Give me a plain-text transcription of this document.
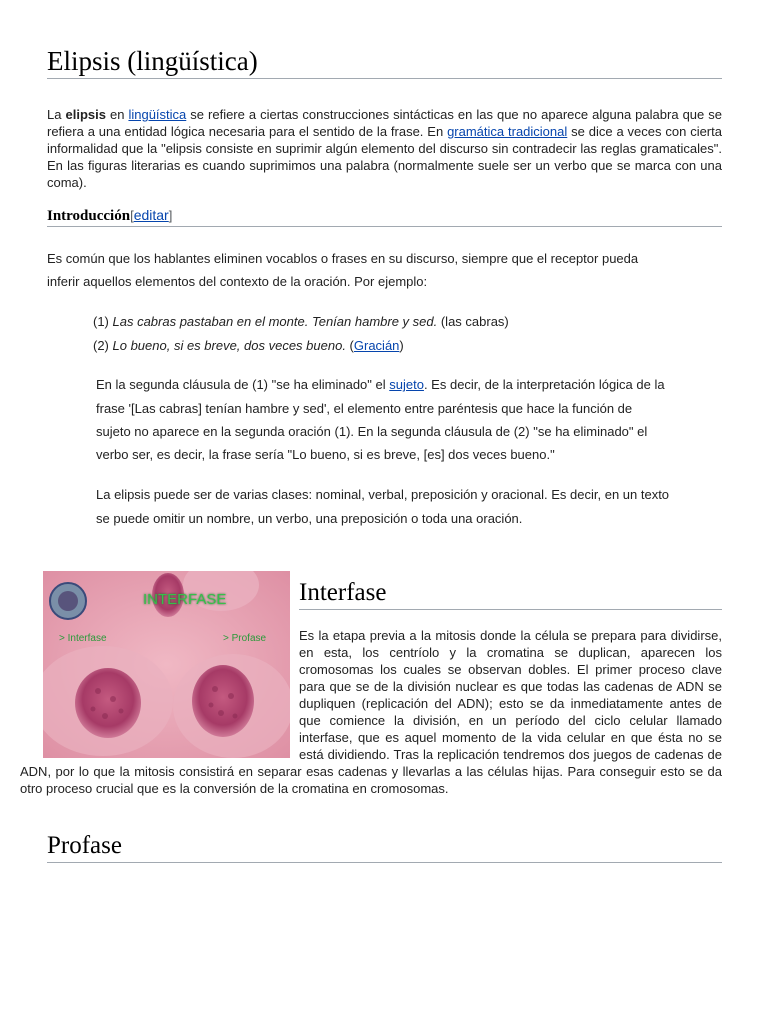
Elipsis (lingüística)

La elipsis en lingüística se refiere a ciertas construcciones sintácticas en las que no aparece alguna palabra que se refiera a una entidad lógica necesaria para el sentido de la frase. En gramática tradicional se dice a veces con cierta informalidad que la "elipsis consiste en suprimir algún elemento del discurso sin contradecir las reglas gramaticales". En las figuras literarias es cuando suprimimos una palabra (normalmente suele ser un verbo que se marca con una coma).

Introducción[editar]

Es común que los hablantes eliminen vocablos o frases en su discurso, siempre que el receptor pueda

inferir aquellos elementos del contexto de la oración. Por ejemplo:

(1) Las cabras pastaban en el monte. Tenían hambre y sed. (las cabras)

(2) Lo bueno, si es breve, dos veces bueno. (Gracián)

En la segunda cláusula de (1) "se ha eliminado" el sujeto. Es decir, de la interpretación lógica de la

frase '[Las cabras] tenían hambre y sed', el elemento entre paréntesis que hace la función de

sujeto no aparece en la segunda oración (1). En la segunda cláusula de (2) "se ha eliminado" el

verbo ser, es decir, la frase sería "Lo bueno, si es breve, [es] dos veces bueno."

La elipsis puede ser de varias clases: nominal, verbal, preposición y oracional. Es decir, en un texto

se puede omitir un nombre, un verbo, una preposición o toda una oración.

INTERFASE
> Interfase	> Profase
Interfase

Es la etapa previa a la mitosis donde la célula se prepara para dividirse, en esta, los centríolo y la cromatina se duplican, aparecen los cromosomas los cuales se observan dobles. El primer proceso clave para que se de la división nuclear es que todas las cadenas de ADN se dupliquen (replicación del ADN); esto se da inmediatamente antes de que comience la división, en un período del ciclo celular llamado interfase, que es aquel momento de la vida celular en que ésta no se está dividiendo. Tras la replicación tendremos dos juegos de cadenas de ADN, por lo que la mitosis consistirá en separar esas cadenas y llevarlas a las células hijas. Para conseguir esto se da otro proceso crucial que es la conversión de la cromatina en cromosomas.

Profase
